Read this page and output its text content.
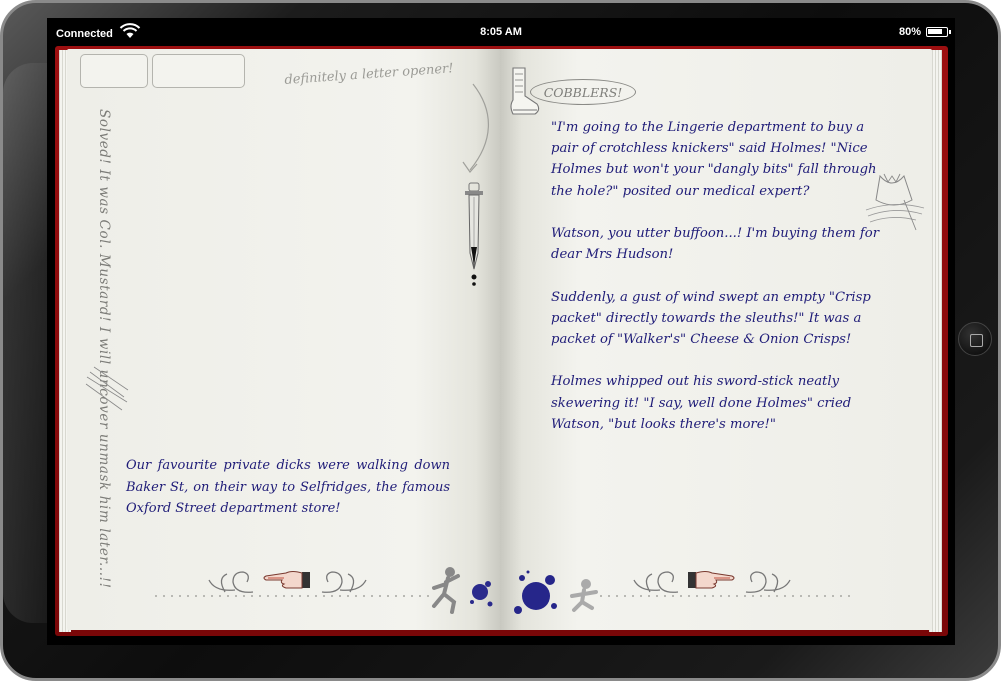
Connected	8:05 AM	80%
definitely a letter opener!
Solved! It was Col. Mustard! I will uncover unmask him later...!! Our favourite private dicks were walking down Baker St, on their way to Selfridges, the famous Oxford Street department store!
COBBLERS!

"I'm going to the Lingerie department to buy a pair of crotchless knickers" said Holmes! "Nice Holmes but won't your "dangly bits" fall through the hole?" posited our medical expert?

Watson, you utter buffoon...! I'm buying them for dear Mrs Hudson!

Suddenly, a gust of wind swept an empty "Crisp packet" directly towards the sleuths!" It was a packet of "Walker's" Cheese & Onion Crisps!

Holmes whipped out his sword-stick neatly skewering it! "I say, well done Holmes" cried Watson, "but looks there's more!"
